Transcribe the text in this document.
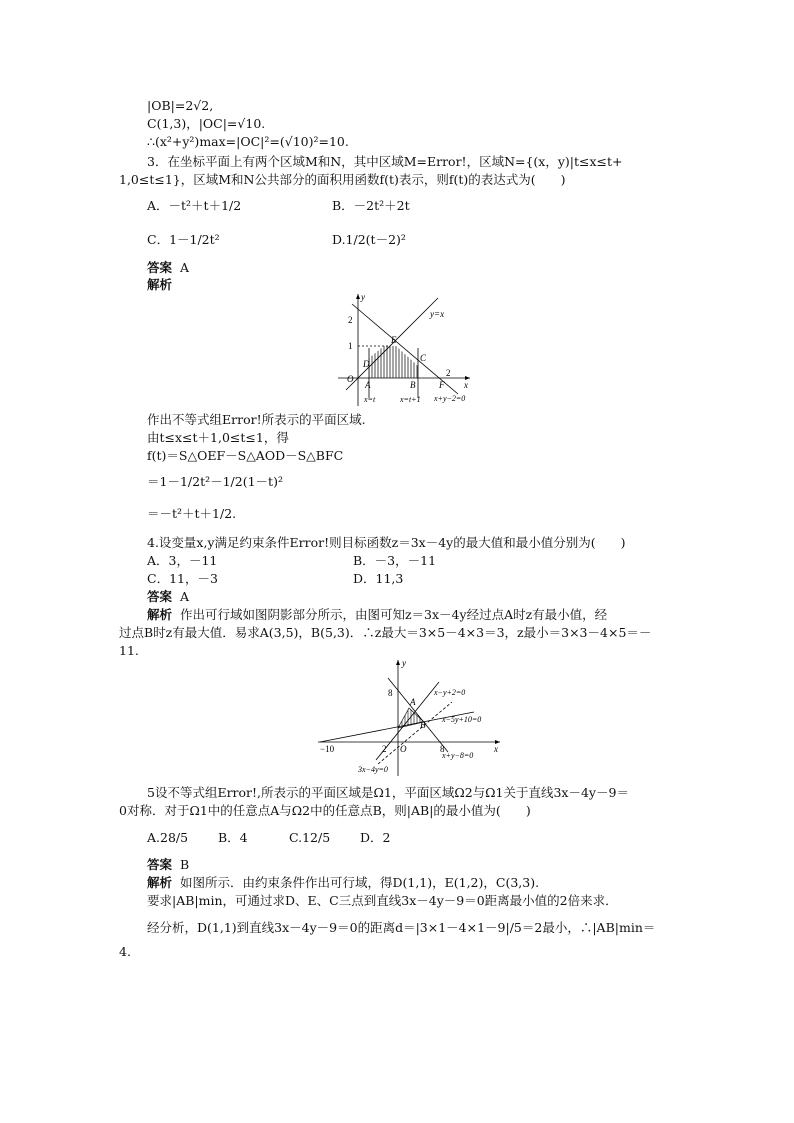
|OB|=2√2,
C(1,3)，|OC|=√10.
∴(x²+y²)max=|OC|²=(√10)²=10.
3．在坐标平面上有两个区域M和N，其中区域M=Error!，区域N={(x，y)|t≤x≤t+
1,0≤t≤1}，区域M和N公共部分的面积用函数f(t)表示，则f(t)的表达式为(　　)
A．－t²＋t＋1/2	B．－2t²＋2t
C．1－1/2t²	D.1/2(t－2)²
答案 A
解析
y
x
O
y=x
2
1
2
E
D
C
A	B	F
x=t	x=t+1 x+y−2=0
作出不等式组Error!所表示的平面区域.
由t≤x≤t＋1,0≤t≤1，得
f(t)＝S△OEF－S△AOD－S△BFC
＝1－1/2t²－1/2(1－t)²
＝－t²＋t＋1/2.
4.设变量x,y满足约束条件Error!则目标函数z＝3x－4y的最大值和最小值分别为(　　)
A．3，－11	B．－3，－11
C．11，－3	D．11,3
答案 A
解析 作出可行域如图阴影部分所示，由图可知z＝3x－4y经过点A时z有最小值，经
过点B时z有最大值．易求A(3,5)，B(5,3)．∴z最大＝3×5－4×3＝3，z最小＝3×3－4×5＝－
11.
y
x
O
8
−10	2	8
A
B
x−y+2=0
x−5y+10=0
x+y−8=0
3x−4y=0
5设不等式组Error!,所表示的平面区域是Ω1，平面区域Ω2与Ω1关于直线3x－4y－9＝
0对称．对于Ω1中的任意点A与Ω2中的任意点B，则|AB|的最小值为(　　)
A.28/5 B．4	C.12/5 D．2
答案 B
解析 如图所示．由约束条件作出可行域，得D(1,1)，E(1,2)，C(3,3).
要求|AB|min，可通过求D、E、C三点到直线3x－4y－9＝0距离最小值的2倍来求．
经分析，D(1,1)到直线3x－4y－9＝0的距离d＝|3×1－4×1－9|/5＝2最小，∴|AB|min＝
4.
